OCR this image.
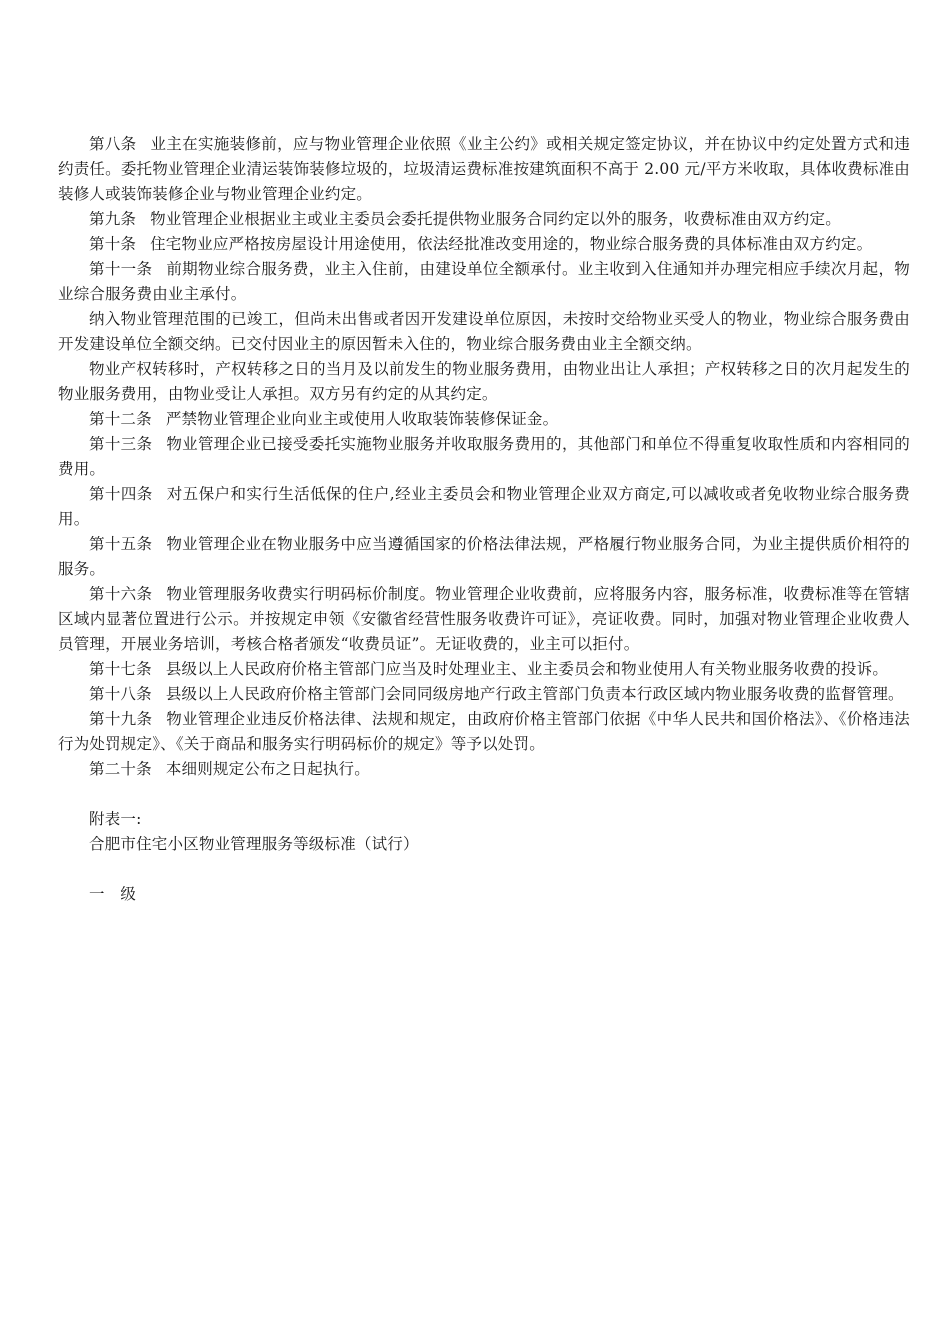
第八条 业主在实施装修前，应与物业管理企业依照《业主公约》或相关规定签定协议，并在协议中约定处置方式和违约责任。委托物业管理企业清运装饰装修垃圾的，垃圾清运费标准按建筑面积不高于 2.00 元/平方米收取，具体收费标准由装修人或装饰装修企业与物业管理企业约定。

第九条 物业管理企业根据业主或业主委员会委托提供物业服务合同约定以外的服务，收费标准由双方约定。

第十条 住宅物业应严格按房屋设计用途使用，依法经批准改变用途的，物业综合服务费的具体标准由双方约定。

第十一条 前期物业综合服务费，业主入住前，由建设单位全额承付。业主收到入住通知并办理完相应手续次月起，物业综合服务费由业主承付。

纳入物业管理范围的已竣工，但尚未出售或者因开发建设单位原因，未按时交给物业买受人的物业，物业综合服务费由开发建设单位全额交纳。已交付因业主的原因暂未入住的，物业综合服务费由业主全额交纳。

物业产权转移时，产权转移之日的当月及以前发生的物业服务费用，由物业出让人承担；产权转移之日的次月起发生的物业服务费用，由物业受让人承担。双方另有约定的从其约定。

第十二条 严禁物业管理企业向业主或使用人收取装饰装修保证金。

第十三条 物业管理企业已接受委托实施物业服务并收取服务费用的，其他部门和单位不得重复收取性质和内容相同的费用。

第十四条 对五保户和实行生活低保的住户,经业主委员会和物业管理企业双方商定,可以减收或者免收物业综合服务费用。

第十五条 物业管理企业在物业服务中应当遵循国家的价格法律法规，严格履行物业服务合同，为业主提供质价相符的服务。

第十六条 物业管理服务收费实行明码标价制度。物业管理企业收费前，应将服务内容，服务标准，收费标准等在管辖区域内显著位置进行公示。并按规定申领《安徽省经营性服务收费许可证》，亮证收费。同时，加强对物业管理企业收费人员管理，开展业务培训，考核合格者颁发“收费员证”。无证收费的，业主可以拒付。

第十七条 县级以上人民政府价格主管部门应当及时处理业主、业主委员会和物业使用人有关物业服务收费的投诉。

第十八条 县级以上人民政府价格主管部门会同同级房地产行政主管部门负责本行政区域内物业服务收费的监督管理。

第十九条 物业管理企业违反价格法律、法规和规定，由政府价格主管部门依据《中华人民共和国价格法》、《价格违法行为处罚规定》、《关于商品和服务实行明码标价的规定》等予以处罚。

第二十条 本细则规定公布之日起执行。

附表一:

合肥市住宅小区物业管理服务等级标准（试行）

一　级
